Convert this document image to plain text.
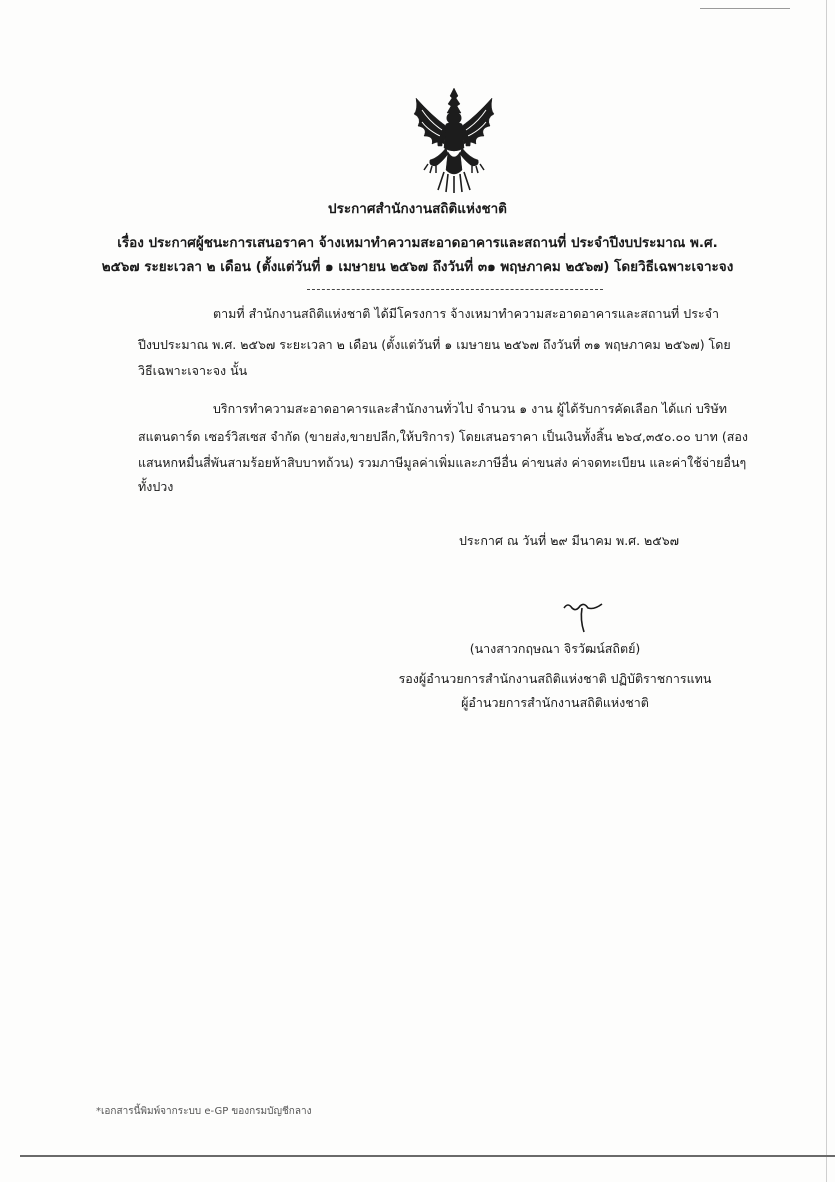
ประกาศสำนักงานสถิติแห่งชาติ
เรื่อง ประกาศผู้ชนะการเสนอราคา จ้างเหมาทำความสะอาดอาคารและสถานที่ ประจำปีงบประมาณ พ.ศ.
๒๕๖๗ ระยะเวลา ๒ เดือน (ตั้งแต่วันที่ ๑ เมษายน ๒๕๖๗ ถึงวันที่ ๓๑ พฤษภาคม ๒๕๖๗) โดยวิธีเฉพาะเจาะจง
ตามที่ สำนักงานสถิติแห่งชาติ ได้มีโครงการ จ้างเหมาทำความสะอาดอาคารและสถานที่ ประจำ
ปีงบประมาณ พ.ศ. ๒๕๖๗ ระยะเวลา ๒ เดือน (ตั้งแต่วันที่ ๑ เมษายน ๒๕๖๗ ถึงวันที่ ๓๑ พฤษภาคม ๒๕๖๗) โดย
วิธีเฉพาะเจาะจง นั้น
บริการทำความสะอาดอาคารและสำนักงานทั่วไป จำนวน ๑ งาน ผู้ได้รับการคัดเลือก ได้แก่ บริษัท
สแตนดาร์ด เซอร์วิสเซส จำกัด (ขายส่ง,ขายปลีก,ให้บริการ) โดยเสนอราคา เป็นเงินทั้งสิ้น ๒๖๔,๓๕๐.๐๐ บาท (สอง
แสนหกหมื่นสี่พันสามร้อยห้าสิบบาทถ้วน) รวมภาษีมูลค่าเพิ่มและภาษีอื่น ค่าขนส่ง ค่าจดทะเบียน และค่าใช้จ่ายอื่นๆ
ทั้งปวง
ประกาศ ณ วันที่ ๒๙ มีนาคม พ.ศ. ๒๕๖๗
(นางสาวกฤษณา จิรวัฒน์สถิตย์)
รองผู้อำนวยการสำนักงานสถิติแห่งชาติ ปฏิบัติราชการแทน
ผู้อำนวยการสำนักงานสถิติแห่งชาติ
*เอกสารนี้พิมพ์จากระบบ e-GP ของกรมบัญชีกลาง
